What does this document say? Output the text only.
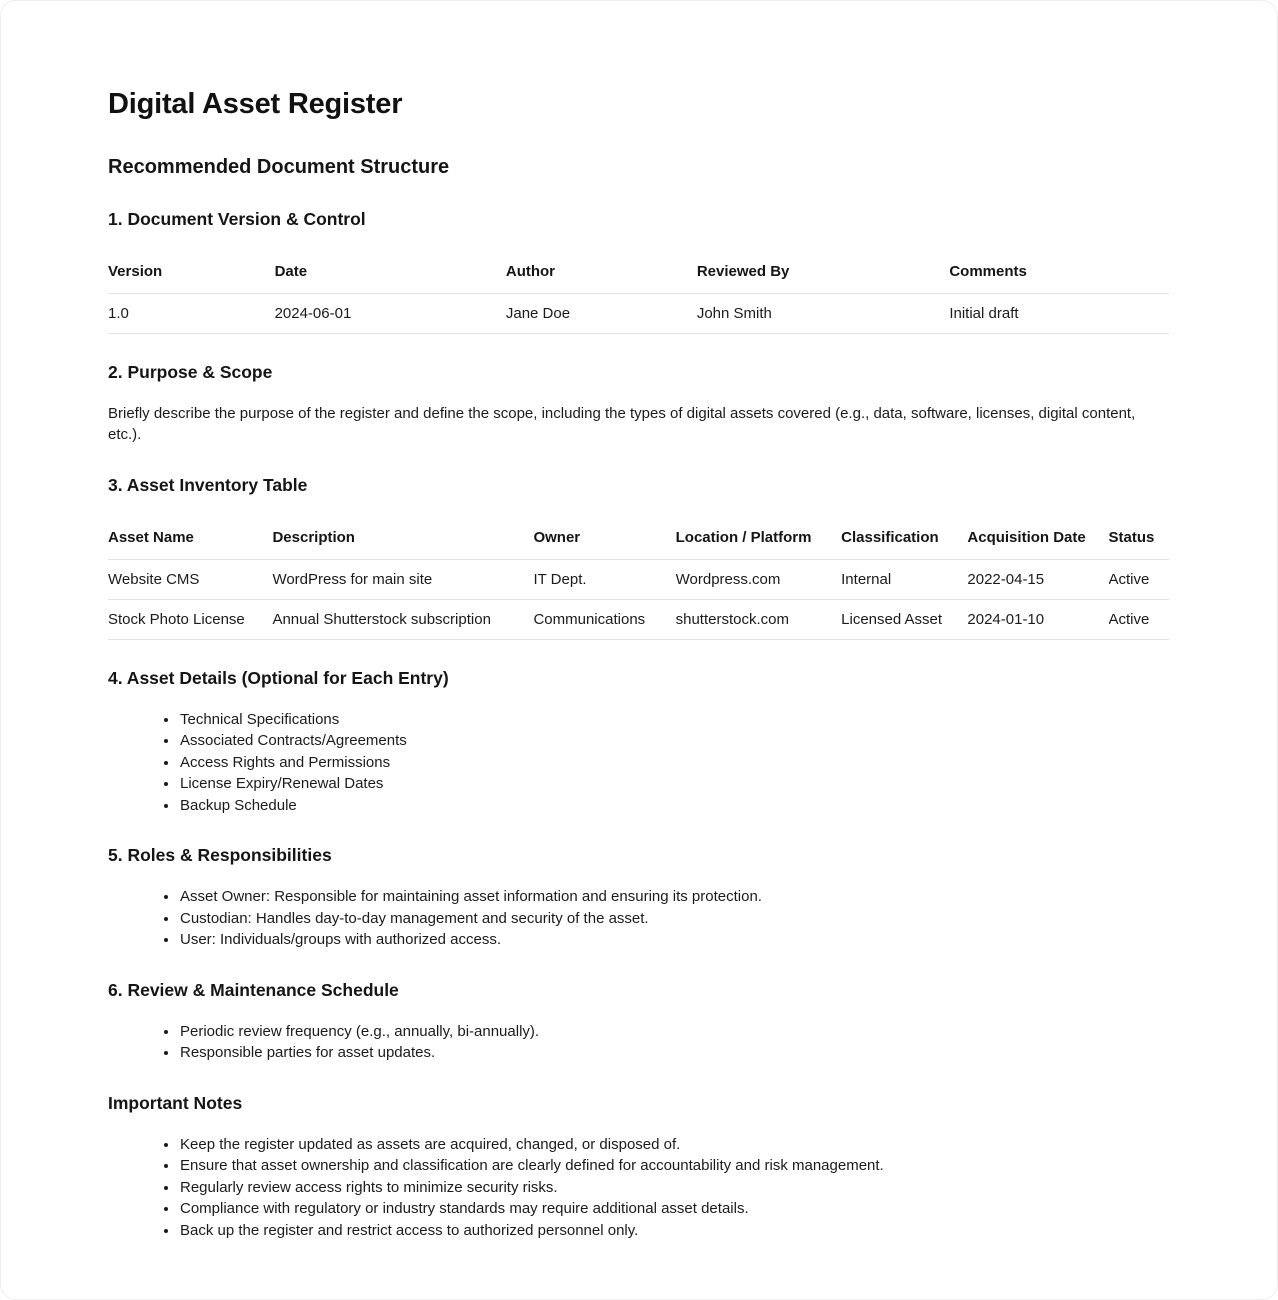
Digital Asset Register
Recommended Document Structure
1. Document Version & Control
Version	Date	Author	Reviewed By	Comments
1.0	2024-06-01	Jane Doe	John Smith	Initial draft
2. Purpose & Scope

Briefly describe the purpose of the register and define the scope, including the types of digital assets covered (e.g., data, software, licenses, digital content, etc.).

3. Asset Inventory Table
Asset Name	Description	Owner	Location / Platform	Classification	Acquisition Date	Status
Website CMS	WordPress for main site	IT Dept.	Wordpress.com	Internal	2022-04-15	Active
Stock Photo License	Annual Shutterstock subscription	Communications	shutterstock.com	Licensed Asset	2024-01-10	Active
4. Asset Details (Optional for Each Entry)
• Technical Specifications
• Associated Contracts/Agreements
• Access Rights and Permissions
• License Expiry/Renewal Dates
• Backup Schedule
5. Roles & Responsibilities
• Asset Owner: Responsible for maintaining asset information and ensuring its protection.
• Custodian: Handles day-to-day management and security of the asset.
• User: Individuals/groups with authorized access.
6. Review & Maintenance Schedule
• Periodic review frequency (e.g., annually, bi-annually).
• Responsible parties for asset updates.
Important Notes
• Keep the register updated as assets are acquired, changed, or disposed of.
• Ensure that asset ownership and classification are clearly defined for accountability and risk management.
• Regularly review access rights to minimize security risks.
• Compliance with regulatory or industry standards may require additional asset details.
• Back up the register and restrict access to authorized personnel only.
